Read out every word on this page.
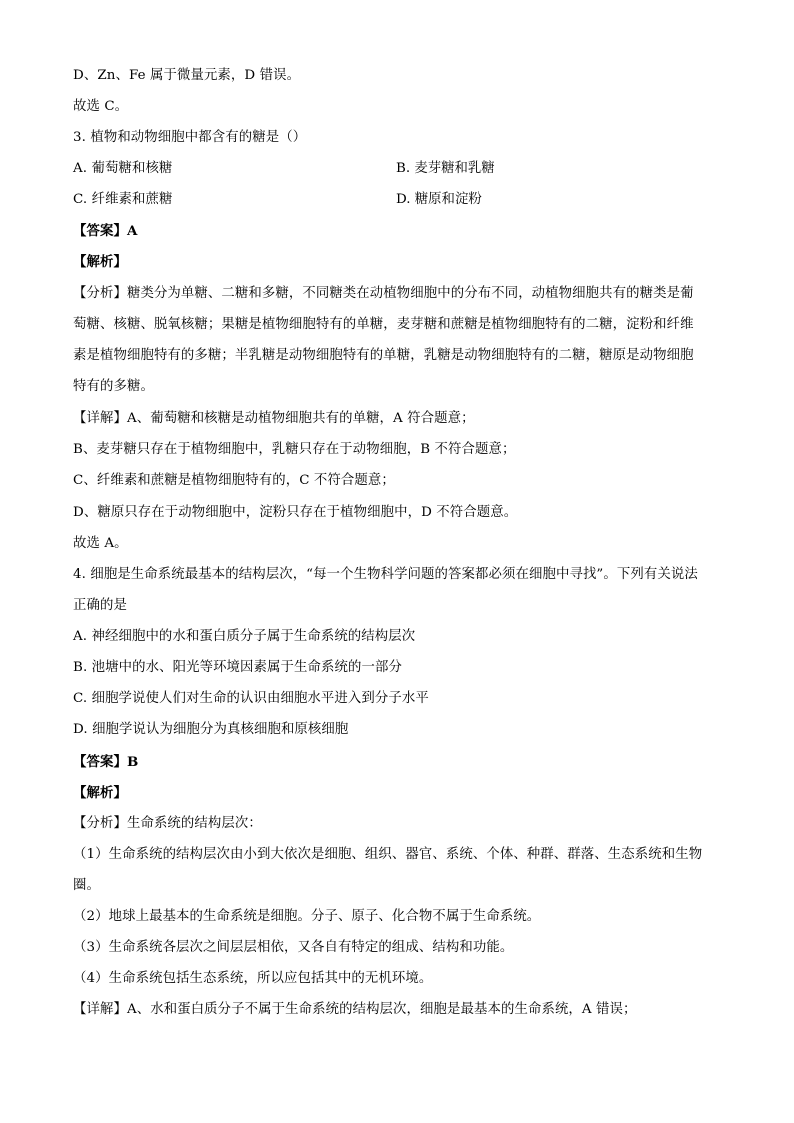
D、Zn、Fe 属于微量元素，D 错误。
故选 C。
3. 植物和动物细胞中都含有的糖是（）
A. 葡萄糖和核糖	B. 麦芽糖和乳糖
C. 纤维素和蔗糖	D. 糖原和淀粉
【答案】A
【解析】
【分析】糖类分为单糖、二糖和多糖，不同糖类在动植物细胞中的分布不同，动植物细胞共有的糖类是葡
萄糖、核糖、脱氧核糖；果糖是植物细胞特有的单糖，麦芽糖和蔗糖是植物细胞特有的二糖，淀粉和纤维
素是植物细胞特有的多糖；半乳糖是动物细胞特有的单糖，乳糖是动物细胞特有的二糖，糖原是动物细胞
特有的多糖。
【详解】A、葡萄糖和核糖是动植物细胞共有的单糖，A 符合题意；
B、麦芽糖只存在于植物细胞中，乳糖只存在于动物细胞，B 不符合题意；
C、纤维素和蔗糖是植物细胞特有的，C 不符合题意；
D、糖原只存在于动物细胞中，淀粉只存在于植物细胞中，D 不符合题意。
故选 A。
4. 细胞是生命系统最基本的结构层次，“每一个生物科学问题的答案都必须在细胞中寻找”。下列有关说法
正确的是
A. 神经细胞中的水和蛋白质分子属于生命系统的结构层次
B. 池塘中的水、阳光等环境因素属于生命系统的一部分
C. 细胞学说使人们对生命的认识由细胞水平进入到分子水平
D. 细胞学说认为细胞分为真核细胞和原核细胞
【答案】B
【解析】
【分析】生命系统的结构层次：
（1）生命系统的结构层次由小到大依次是细胞、组织、器官、系统、个体、种群、群落、生态系统和生物
圈。
（2）地球上最基本的生命系统是细胞。分子、原子、化合物不属于生命系统。
（3）生命系统各层次之间层层相依，又各自有特定的组成、结构和功能。
（4）生命系统包括生态系统，所以应包括其中的无机环境。
【详解】A、水和蛋白质分子不属于生命系统的结构层次，细胞是最基本的生命系统，A 错误；
